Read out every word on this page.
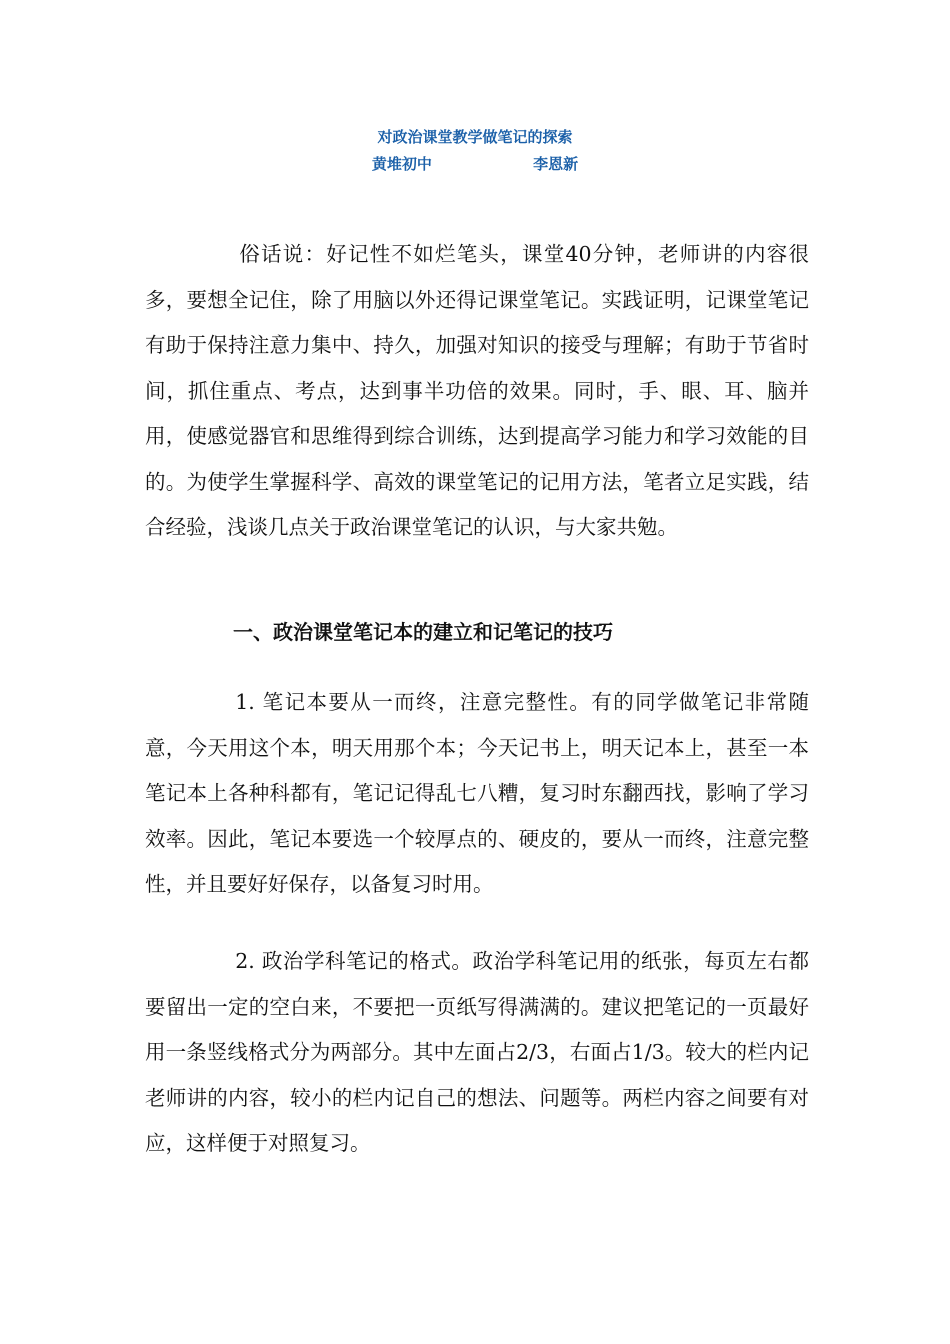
对政治课堂教学做笔记的探索
黄堆初中	李恩新

俗话说：好记性不如烂笔头，课堂40分钟，老师讲的内容很多，要想全记住，除了用脑以外还得记课堂笔记。实践证明，记课堂笔记有助于保持注意力集中、持久，加强对知识的接受与理解；有助于节省时间，抓住重点、考点，达到事半功倍的效果。同时，手、眼、耳、脑并用，使感觉器官和思维得到综合训练，达到提高学习能力和学习效能的目的。为使学生掌握科学、高效的课堂笔记的记用方法，笔者立足实践，结合经验，浅谈几点关于政治课堂笔记的认识，与大家共勉。

一、政治课堂笔记本的建立和记笔记的技巧

1. 笔记本要从一而终，注意完整性。有的同学做笔记非常随意，今天用这个本，明天用那个本；今天记书上，明天记本上，甚至一本笔记本上各种科都有，笔记记得乱七八糟，复习时东翻西找，影响了学习效率。因此，笔记本要选一个较厚点的、硬皮的，要从一而终，注意完整性，并且要好好保存，以备复习时用。

2. 政治学科笔记的格式。政治学科笔记用的纸张，每页左右都要留出一定的空白来，不要把一页纸写得满满的。建议把笔记的一页最好用一条竖线格式分为两部分。其中左面占2/3，右面占1/3。较大的栏内记老师讲的内容，较小的栏内记自己的想法、问题等。两栏内容之间要有对应，这样便于对照复习。
